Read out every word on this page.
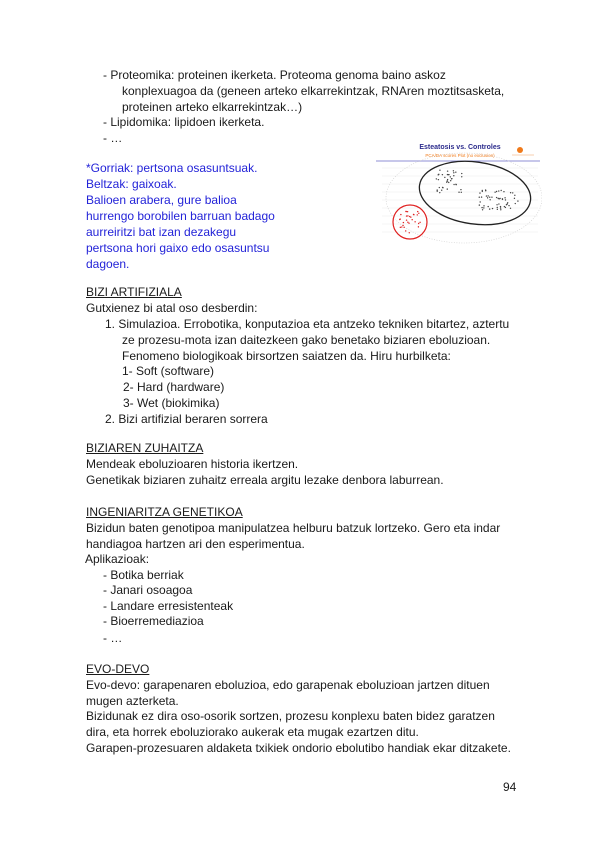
- Proteomika: proteinen ikerketa. Proteoma genoma baino askoz
konplexuagoa da (geneen arteko elkarrekintzak, RNAren moztitsasketa,
proteinen arteko elkarrekintzak…)
- Lipidomika: lipidoen ikerketa.
- …
*Gorriak: pertsona osasuntsuak.
Beltzak: gaixoak.
Balioen arabera, gure balioa
hurrengo borobilen barruan badago
aurreiritzi bat izan dezakegu
pertsona hori gaixo edo osasuntsu
dagoen.
Esteatosis vs. Controles
PCA/DA scores Plot (no exclusion)
BIZI ARTIFIZIALA
Gutxienez bi atal oso desberdin:
1. Simulazioa. Errobotika, konputazioa eta antzeko tekniken bitartez, aztertu
ze prozesu-mota izan daitezkeen gako benetako biziaren eboluzioan.
Fenomeno biologikoak birsortzen saiatzen da. Hiru hurbilketa:
1- Soft (software)
2- Hard (hardware)
3- Wet (biokimika)
2. Bizi artifizial beraren sorrera
BIZIAREN ZUHAITZA
Mendeak eboluzioaren historia ikertzen.
Genetikak biziaren zuhaitz erreala argitu lezake denbora laburrean.
INGENIARITZA GENETIKOA
Bizidun baten genotipoa manipulatzea helburu batzuk lortzeko. Gero eta indar
handiagoa hartzen ari den esperimentua.
Aplikazioak:
- Botika berriak
- Janari osoagoa
- Landare erresistenteak
- Bioerremediazioa
- …
EVO-DEVO
Evo-devo: garapenaren eboluzioa, edo garapenak eboluzioan jartzen dituen
mugen azterketa.
Bizidunak ez dira oso-osorik sortzen, prozesu konplexu baten bidez garatzen
dira, eta horrek eboluziorako aukerak eta mugak ezartzen ditu.
Garapen-prozesuaren aldaketa txikiek ondorio ebolutibo handiak ekar ditzakete.
94
